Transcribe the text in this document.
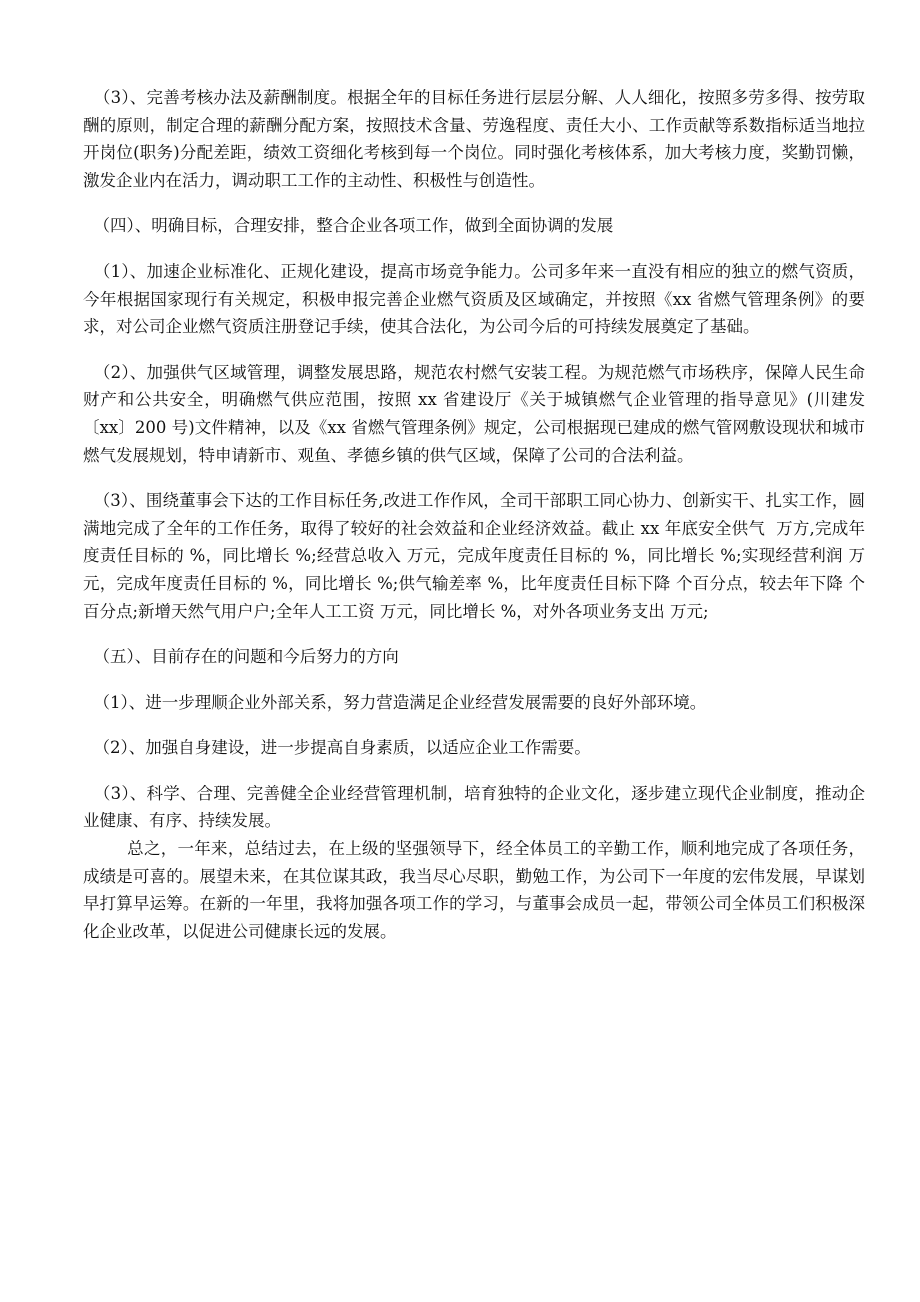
（3）、完善考核办法及薪酬制度。根据全年的目标任务进行层层分解、人人细化，按照多劳多得、按劳取酬的原则，制定合理的薪酬分配方案，按照技术含量、劳逸程度、责任大小、工作贡献等系数指标适当地拉开岗位(职务)分配差距，绩效工资细化考核到每一个岗位。同时强化考核体系，加大考核力度，奖勤罚懒，激发企业内在活力，调动职工工作的主动性、积极性与创造性。

（四）、明确目标，合理安排，整合企业各项工作，做到全面协调的发展

（1）、加速企业标准化、正规化建设，提高市场竞争能力。公司多年来一直没有相应的独立的燃气资质，今年根据国家现行有关规定，积极申报完善企业燃气资质及区域确定，并按照《xx 省燃气管理条例》的要求，对公司企业燃气资质注册登记手续，使其合法化，为公司今后的可持续发展奠定了基础。

（2）、加强供气区域管理，调整发展思路，规范农村燃气安装工程。为规范燃气市场秩序，保障人民生命财产和公共安全，明确燃气供应范围，按照 xx 省建设厅《关于城镇燃气企业管理的指导意见》(川建发〔xx〕200 号)文件精神，以及《xx 省燃气管理条例》规定，公司根据现已建成的燃气管网敷设现状和城市燃气发展规划，特申请新市、观鱼、孝德乡镇的供气区域，保障了公司的合法利益。

（3）、围绕董事会下达的工作目标任务,改进工作作风，全司干部职工同心协力、创新实干、扎实工作，圆满地完成了全年的工作任务，取得了较好的社会效益和企业经济效益。截止 xx 年底安全供气  万方,完成年度责任目标的 %，同比增长 %;经营总收入 万元，完成年度责任目标的 %，同比增长 %;实现经营利润 万元，完成年度责任目标的 %，同比增长 %;供气输差率 %，比年度责任目标下降 个百分点，较去年下降 个百分点;新增天然气用户户;全年人工工资 万元，同比增长 %，对外各项业务支出 万元;

（五）、目前存在的问题和今后努力的方向

（1）、进一步理顺企业外部关系，努力营造满足企业经营发展需要的良好外部环境。

（2）、加强自身建设，进一步提高自身素质，以适应企业工作需要。

（3）、科学、合理、完善健全企业经营管理机制，培育独特的企业文化，逐步建立现代企业制度，推动企业健康、有序、持续发展。

总之，一年来，总结过去，在上级的坚强领导下，经全体员工的辛勤工作，顺利地完成了各项任务，成绩是可喜的。展望未来，在其位谋其政，我当尽心尽职，勤勉工作，为公司下一年度的宏伟发展，早谋划早打算早运筹。在新的一年里，我将加强各项工作的学习，与董事会成员一起，带领公司全体员工们积极深化企业改革，以促进公司健康长远的发展。
